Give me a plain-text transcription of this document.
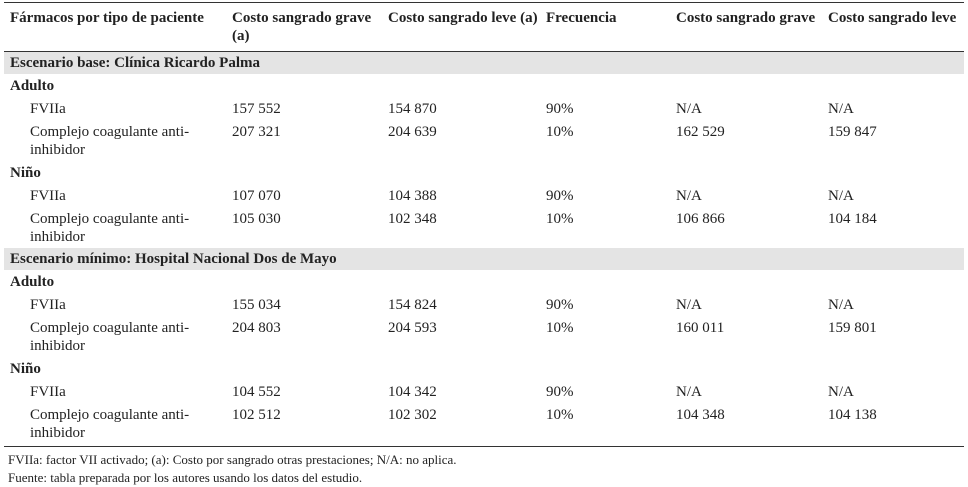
Fármacos por tipo de paciente	Costo sangrado grave (a)	Costo sangrado leve (a)	Frecuencia	Costo sangrado grave	Costo sangrado leve
Escenario base: Clínica Ricardo Palma					
Adulto					
FVIIa	157 552	154 870	90%	N/A	N/A
Complejo coagulante anti-inhibidor	207 321	204 639	10%	162 529	159 847
Niño					
FVIIa	107 070	104 388	90%	N/A	N/A
Complejo coagulante anti-inhibidor	105 030	102 348	10%	106 866	104 184
Escenario mínimo: Hospital Nacional Dos de Mayo					
Adulto					
FVIIa	155 034	154 824	90%	N/A	N/A
Complejo coagulante anti-inhibidor	204 803	204 593	10%	160 011	159 801
Niño					
FVIIa	104 552	104 342	90%	N/A	N/A
Complejo coagulante anti-inhibidor	102 512	102 302	10%	104 348	104 138
FVIIa: factor VII activado; (a): Costo por sangrado otras prestaciones; N/A: no aplica.
Fuente: tabla preparada por los autores usando los datos del estudio.
